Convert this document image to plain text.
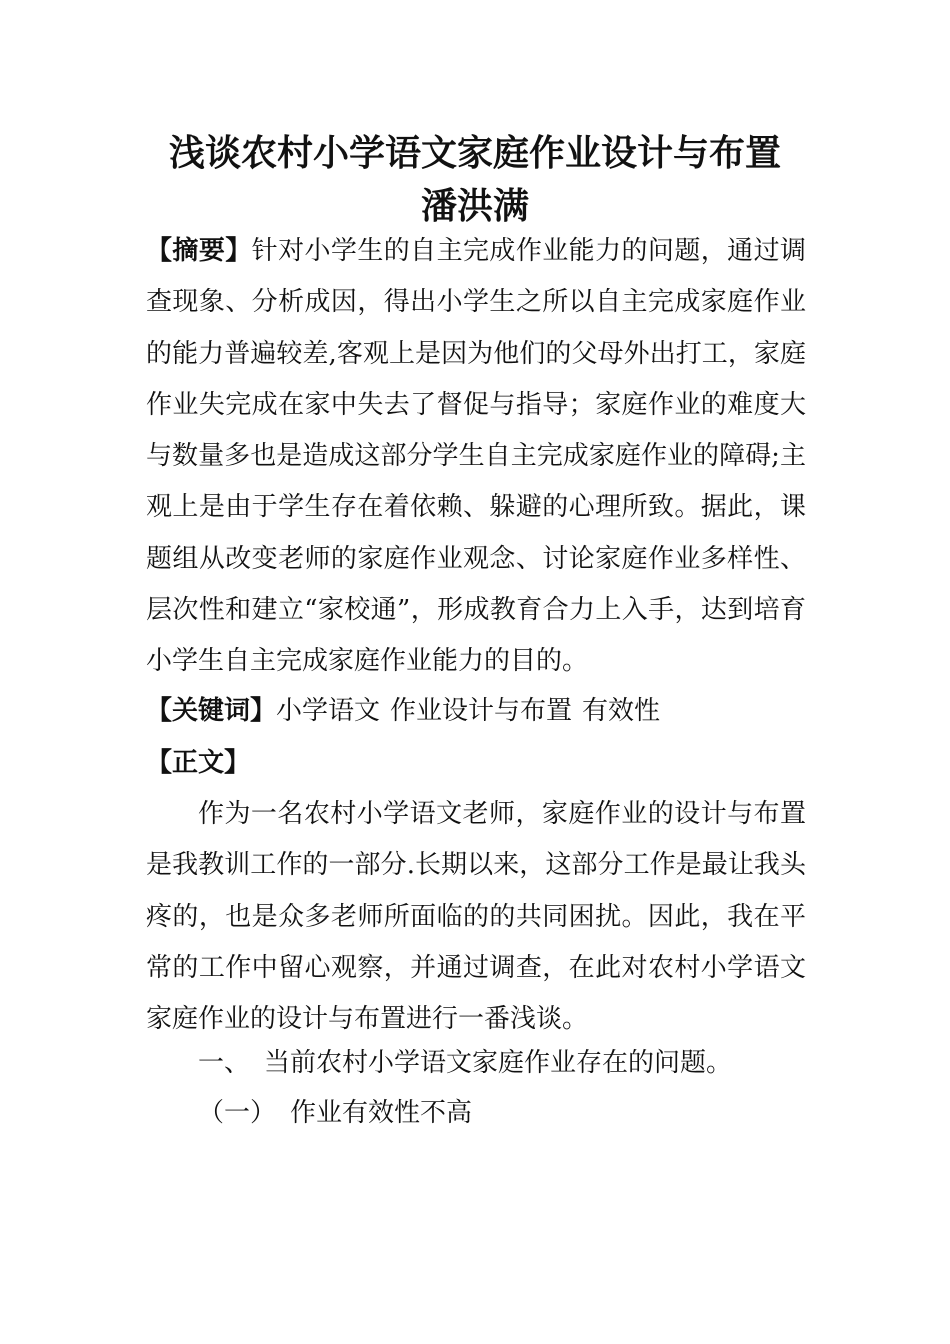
浅谈农村小学语文家庭作业设计与布置
潘洪满

【摘要】针对小学生的自主完成作业能力的问题，通过调查现象、分析成因，得出小学生之所以自主完成家庭作业的能力普遍较差,客观上是因为他们的父母外出打工，家庭作业失完成在家中失去了督促与指导；家庭作业的难度大与数量多也是造成这部分学生自主完成家庭作业的障碍;主观上是由于学生存在着依赖、躲避的心理所致。据此，课题组从改变老师的家庭作业观念、讨论家庭作业多样性、层次性和建立“家校通”，形成教育合力上入手，达到培育小学生自主完成家庭作业能力的目的。

【关键词】小学语文 作业设计与布置 有效性

【正文】

作为一名农村小学语文老师，家庭作业的设计与布置是我教训工作的一部分.长期以来，这部分工作是最让我头疼的，也是众多老师所面临的的共同困扰。因此，我在平常的工作中留心观察，并通过调查，在此对农村小学语文家庭作业的设计与布置进行一番浅谈。

一、 当前农村小学语文家庭作业存在的问题。

（一） 作业有效性不高
